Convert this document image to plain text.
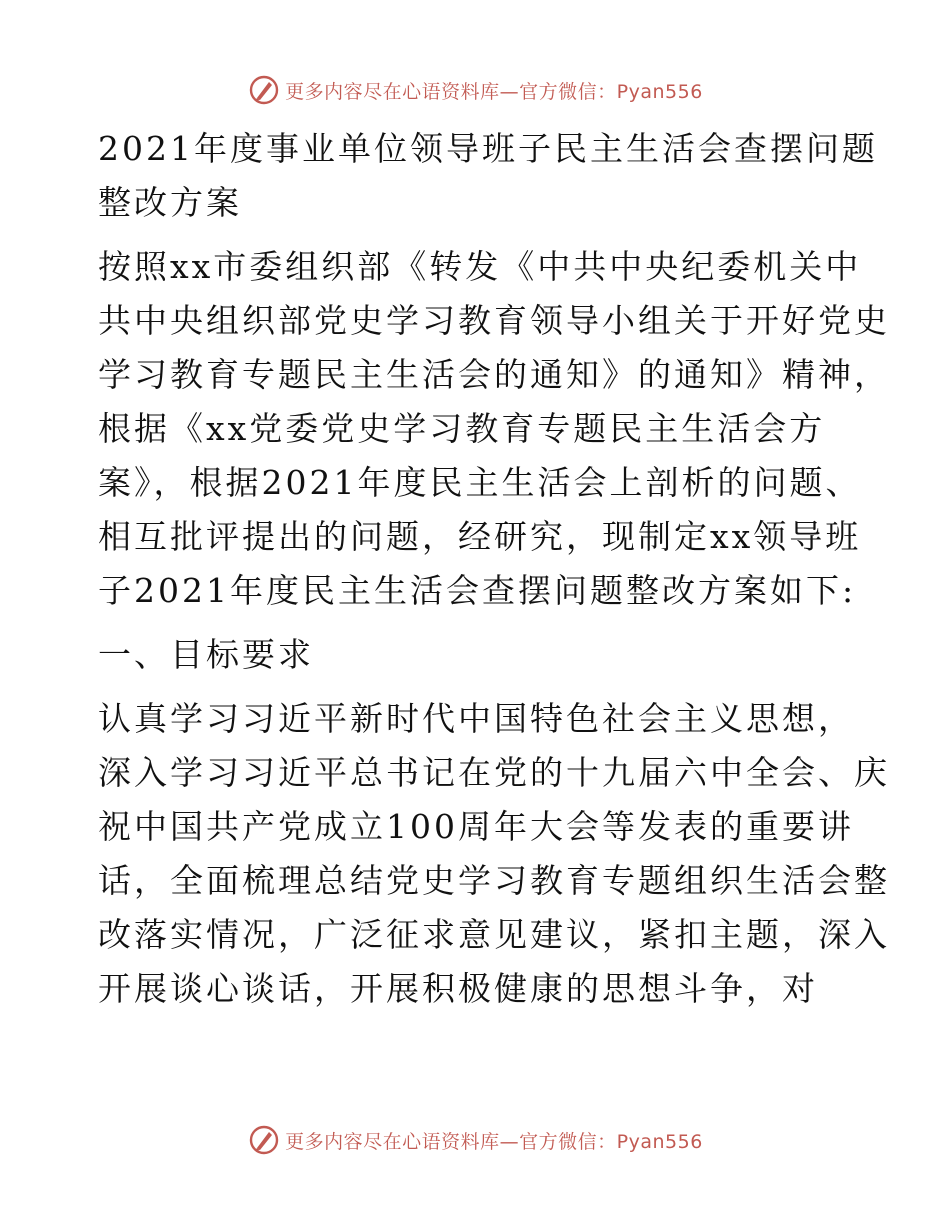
更多内容尽在心语资料库—官方微信：Pyan556
2021年度事业单位领导班子民主生活会查摆问题
整改方案
按照xx市委组织部《转发《中共中央纪委机关中
共中央组织部党史学习教育领导小组关于开好党史
学习教育专题民主生活会的通知》的通知》精神，
根据《xx党委党史学习教育专题民主生活会方
案》，根据2021年度民主生活会上剖析的问题、
相互批评提出的问题，经研究，现制定xx领导班
子2021年度民主生活会查摆问题整改方案如下:
一、目标要求
认真学习习近平新时代中国特色社会主义思想，
深入学习习近平总书记在党的十九届六中全会、庆
祝中国共产党成立100周年大会等发表的重要讲
话，全面梳理总结党史学习教育专题组织生活会整
改落实情况，广泛征求意见建议，紧扣主题，深入
开展谈心谈话，开展积极健康的思想斗争，对
更多内容尽在心语资料库—官方微信：Pyan556
